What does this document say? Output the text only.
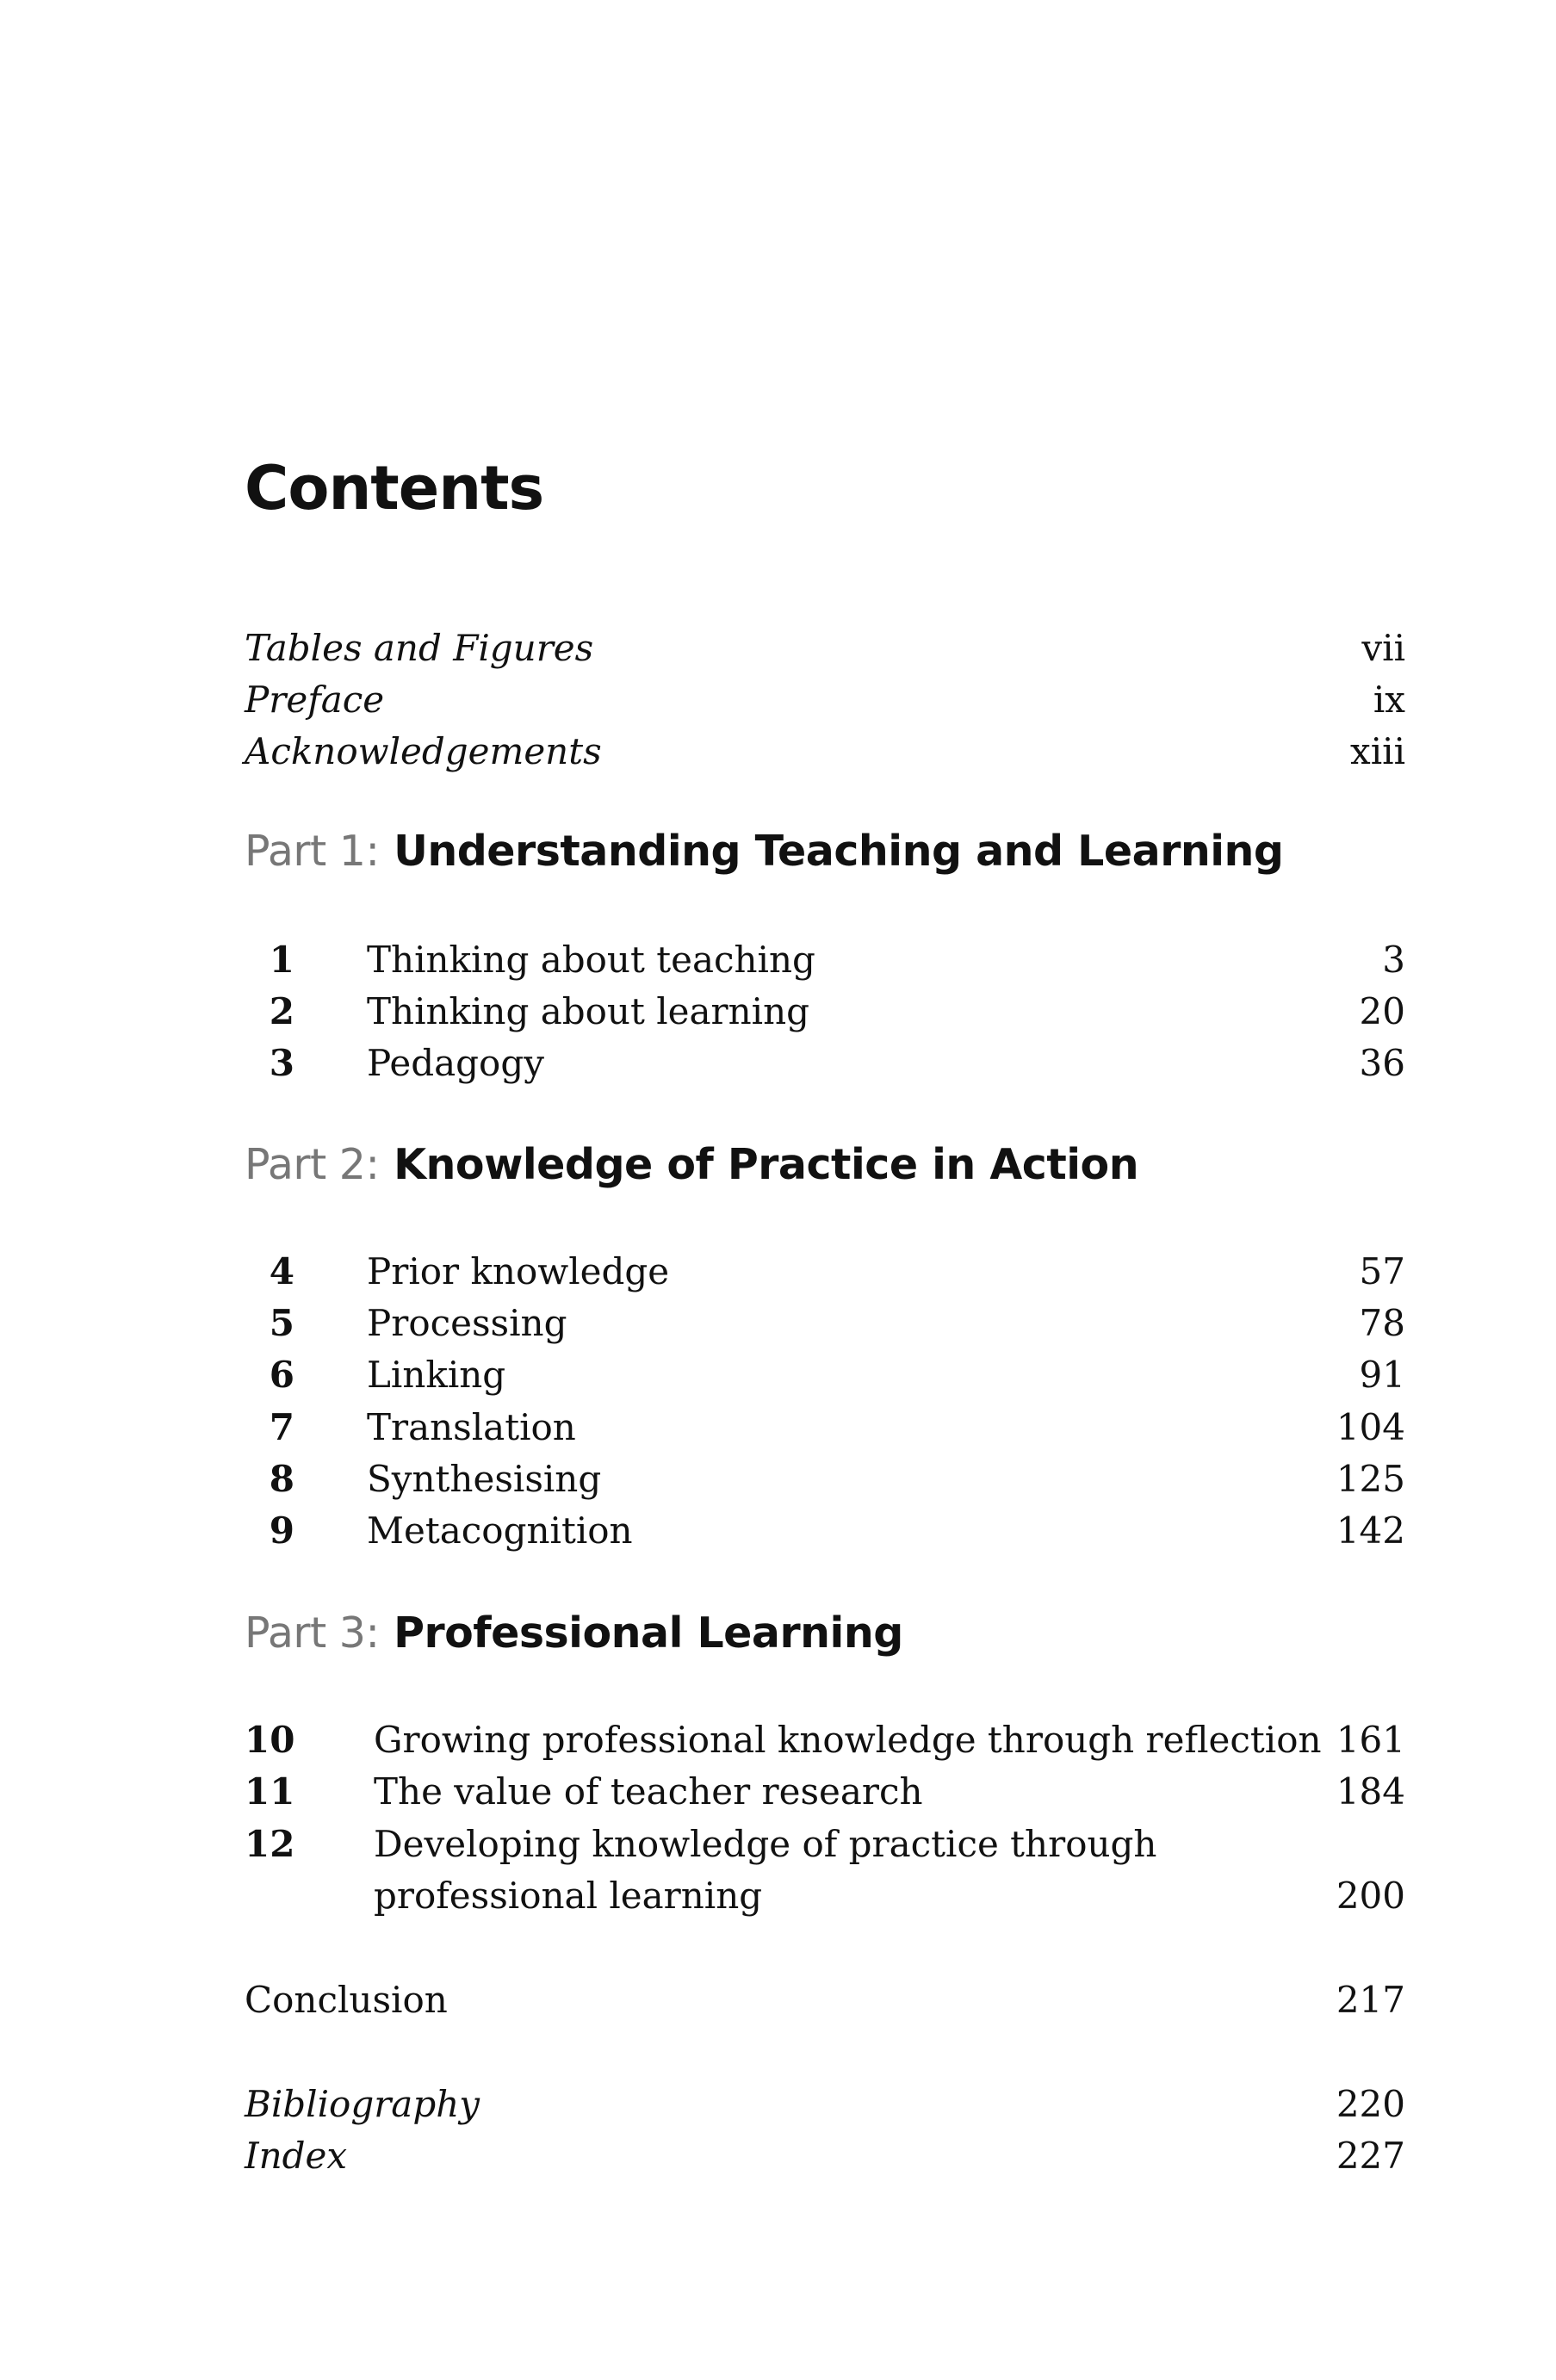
Contents
Tables and Figures	vii
Preface	ix
Acknowledgements	xiii
Part 1: Understanding Teaching and Learning
1 Thinking about teaching	3
2 Thinking about learning	20
3 Pedagogy	36
Part 2: Knowledge of Practice in Action
4 Prior knowledge	57
5 Processing	78
6 Linking	91
7 Translation	104
8 Synthesising	125
9 Metacognition	142
Part 3: Professional Learning
10 Growing professional knowledge through reflection 161
11 The value of teacher research	184
12 Developing knowledge of practice through
professional learning	200
Conclusion	217
Bibliography	220
Index	227
